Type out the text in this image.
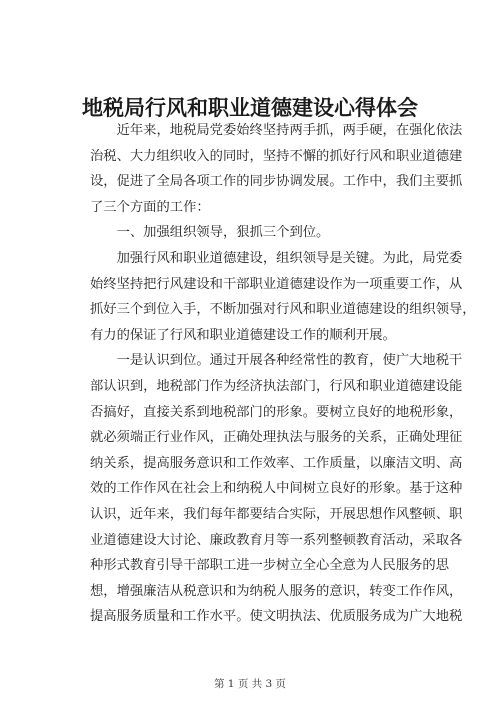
地税局行风和职业道德建设心得体会
　　近年来，地税局党委始终坚持两手抓，两手硬，在强化依法
治税、大力组织收入的同时，坚持不懈的抓好行风和职业道德建
设，促进了全局各项工作的同步协调发展。工作中，我们主要抓
了三个方面的工作：
　　一、加强组织领导，狠抓三个到位。
　　加强行风和职业道德建设，组织领导是关键。为此，局党委
始终坚持把行风建设和干部职业道德建设作为一项重要工作，从
抓好三个到位入手，不断加强对行风和职业道德建设的组织领导，
有力的保证了行风和职业道德建设工作的顺利开展。
　　一是认识到位。通过开展各种经常性的教育，使广大地税干
部认识到，地税部门作为经济执法部门，行风和职业道德建设能
否搞好，直接关系到地税部门的形象。要树立良好的地税形象，
就必须端正行业作风，正确处理执法与服务的关系，正确处理征
纳关系，提高服务意识和工作效率、工作质量，以廉洁文明、高
效的工作作风在社会上和纳税人中间树立良好的形象。基于这种
认识，近年来，我们每年都要结合实际，开展思想作风整顿、职
业道德建设大讨论、廉政教育月等一系列整顿教育活动，采取各
种形式教育引导干部职工进一步树立全心全意为人民服务的思
想，增强廉洁从税意识和为纳税人服务的意识，转变工作作风，
提高服务质量和工作水平。使文明执法、优质服务成为广大地税
第 1 页 共 3 页
